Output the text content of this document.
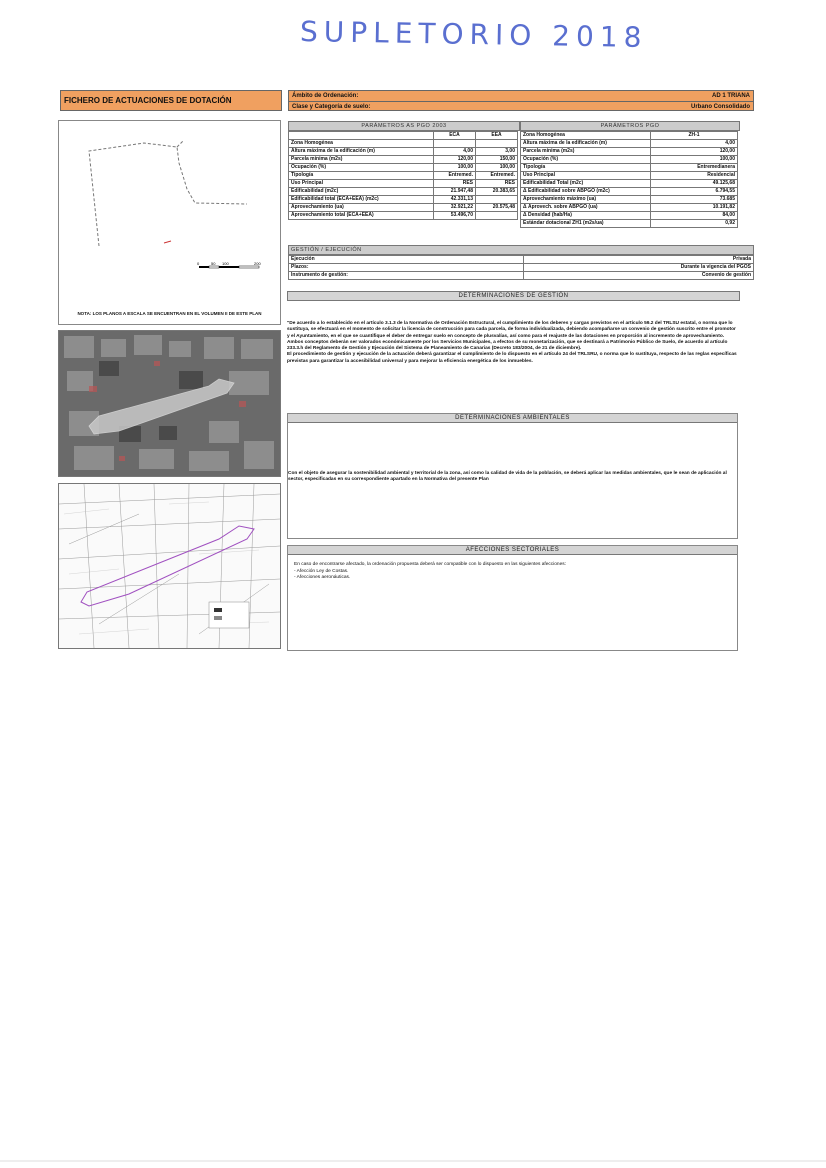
SUPLETORIO 2018
FICHERO DE ACTUACIONES DE DOTACIÓN	Ámbito de Ordenación:	AD 1 TRIANA
Clase y Categoría de suelo:	Urbano Consolidado
0	50 100	200
NOTA: LOS PLANOS A ESCALA SE ENCUENTRAN EN EL VOLUMEN II DE ESTE PLAN
PARÁMETROS AS PGO 2003
	ECA	EEA
Zona Homogénea		
Altura máxima de la edificación (m)	4,00	3,00
Parcela mínima (m2s)	120,00	150,00
Ocupación (%)	100,00	100,00
Tipología	Entremed.	Entremed.
Uso Principal	RES	RES
Edificabilidad (m2c)	21.947,48	20.383,65
Edificabilidad total (ECA+EEA) (m2c)	42.331,13	
Aprovechamiento (ua)	32.921,22	20.575,48
Aprovechamiento total (ECA+EEA)	53.496,70	
PARÁMETROS PGO
Zona Homogénea	ZH-1
Altura máxima de la edificación (m)	4,00
Parcela mínima (m2s)	120,00
Ocupación (%)	100,00
Tipología	Entremedianera
Uso Principal	Residencial
Edificabilidad Total (m2c)	49.125,68
Δ Edificabilidad sobre ABPGO (m2c)	6.794,55
Aprovechamiento máximo (ua)	73.685
Δ Aprovech. sobre ABPGO (ua)	10.191,82
Δ Densidad (hab/Ha)	84,00
Estándar dotacional ZH1 (m2s/ua)	0,92
GESTIÓN / EJECUCIÓN
Ejecución	Privada
Plazos:	Durante la vigencia del PGOS
Instrumento de gestión:	Convenio de gestión
DETERMINACIONES DE GESTIÓN
"De acuerdo a lo establecido en el artículo 3.1.3 de la Normativa de Ordenación Estructural, el cumplimiento de los deberes y cargas previstos en el artículo 59.2 del TRLSU estatal, o norma que lo sustituya, se efectuará en el momento de solicitar la licencia de construcción para cada parcela, de forma individualizada, debiendo acompañarse un convenio de gestión suscrito entre el promotor y el Ayuntamiento, en el que se cuantifique el deber de entregar suelo en concepto de plusvalías, así como para el reajuste de las dotaciones en proporción al incremento de aprovechamiento. Ambos conceptos deberán ser valorados económicamente por los Servicios Municipales, a efectos de su monetarización, que se destinará a Patrimonio Público de Suelo, de acuerdo al artículo 233.3.h del Reglamento de Gestión y Ejecución del Sistema de Planeamiento de Canarias (Decreto 183/2004, de 21 de diciembre).
El procedimiento de gestión y ejecución de la actuación deberá garantizar el cumplimiento de lo dispuesto en el artículo 24 del TRLSRU, o norma que lo sustituya, respecto de las reglas específicas previstas para garantizar la accesibilidad universal y para mejorar la eficiencia energética de los inmuebles.
DETERMINACIONES AMBIENTALES
Con el objeto de asegurar la sostenibilidad ambiental y territorial de la zona, así como la calidad de vida de la población, se deberá aplicar las medidas ambientales, que le sean de aplicación al sector, especificadas en su correspondiente apartado en la Normativa del presente Plan
AFECCIONES SECTORIALES
En caso de encontrarse afectado, la ordenación propuesta deberá ser compatible con lo dispuesto en las siguientes afecciones:
- Afección Ley de Costas.
- Afecciones aeronáuticas.
